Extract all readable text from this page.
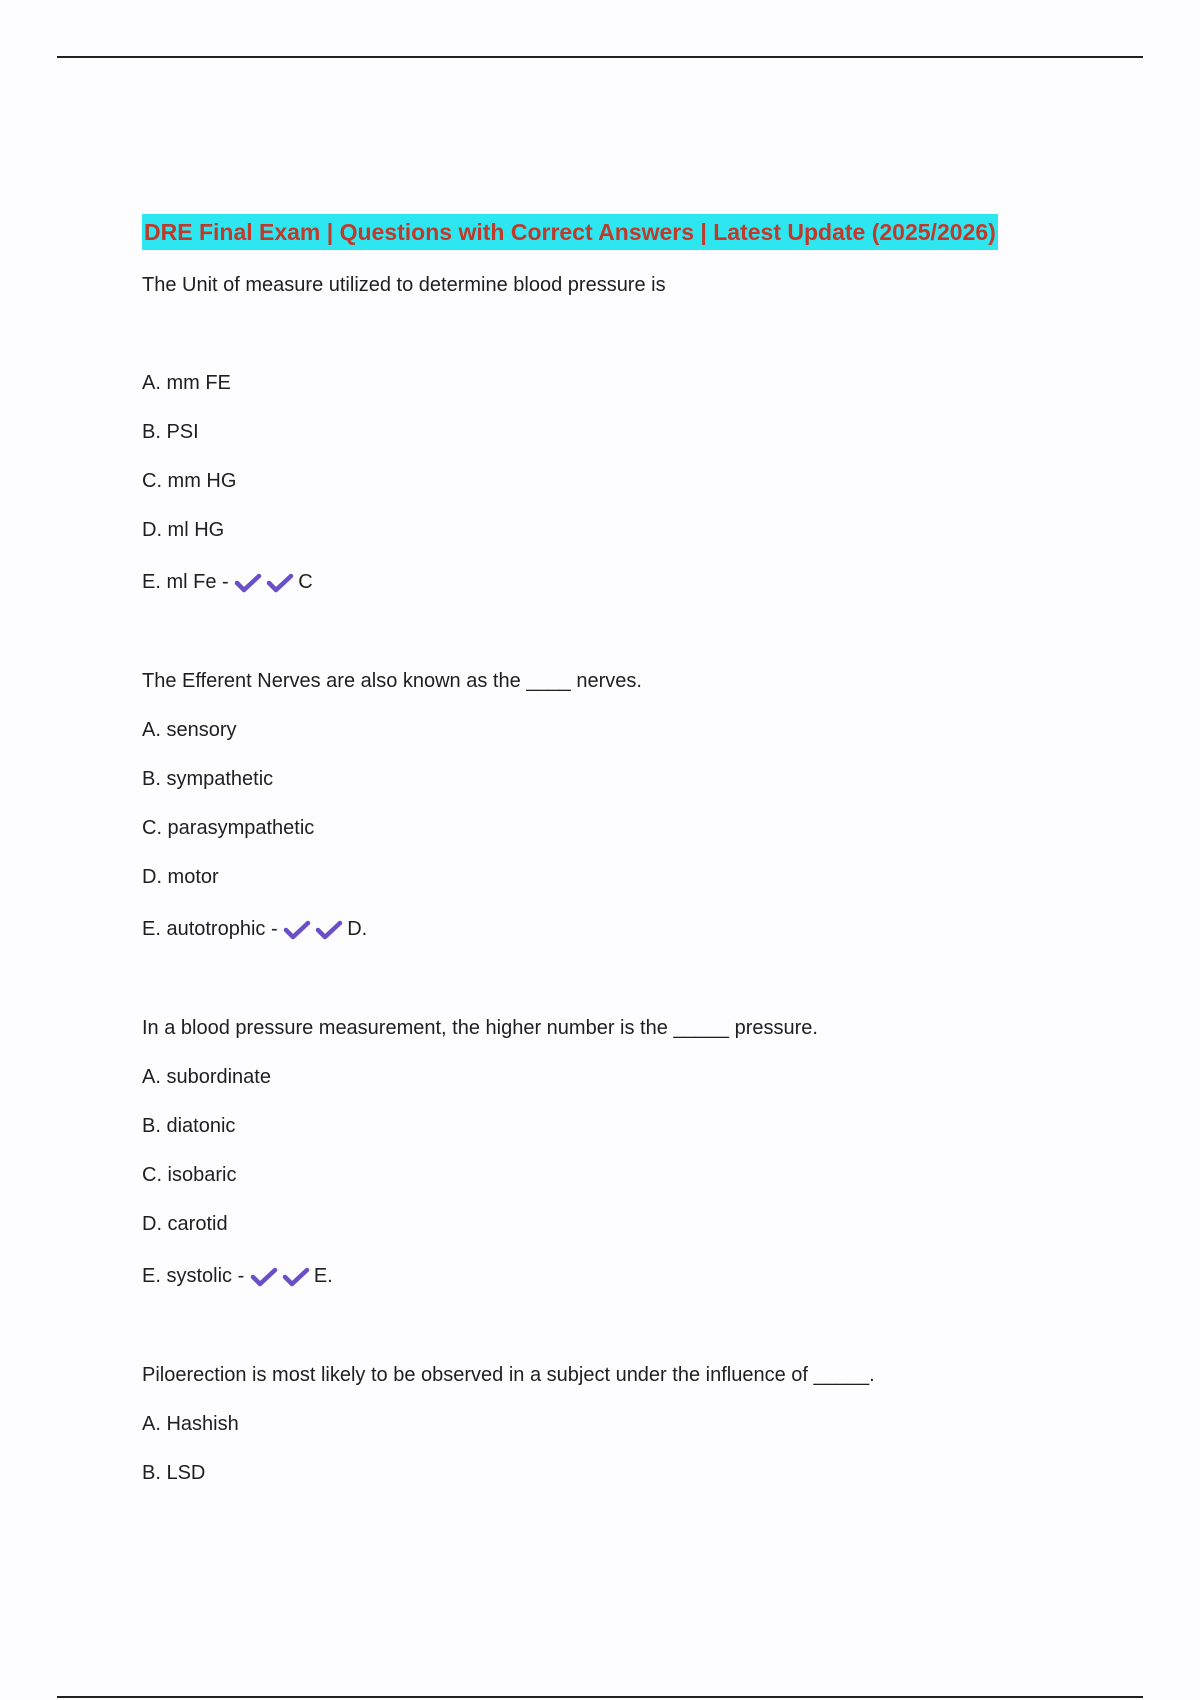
DRE Final Exam | Questions with Correct Answers | Latest Update (2025/2026)
The Unit of measure utilized to determine blood pressure is
A. mm FE
B. PSI
C. mm HG
D. ml HG
E. ml Fe -	C
The Efferent Nerves are also known as the ____ nerves.
A. sensory
B. sympathetic
C. parasympathetic
D. motor
E. autotrophic -	D.
In a blood pressure measurement, the higher number is the _____ pressure.
A. subordinate
B. diatonic
C. isobaric
D. carotid
E. systolic -	E.
Piloerection is most likely to be observed in a subject under the influence of _____.
A. Hashish
B. LSD
